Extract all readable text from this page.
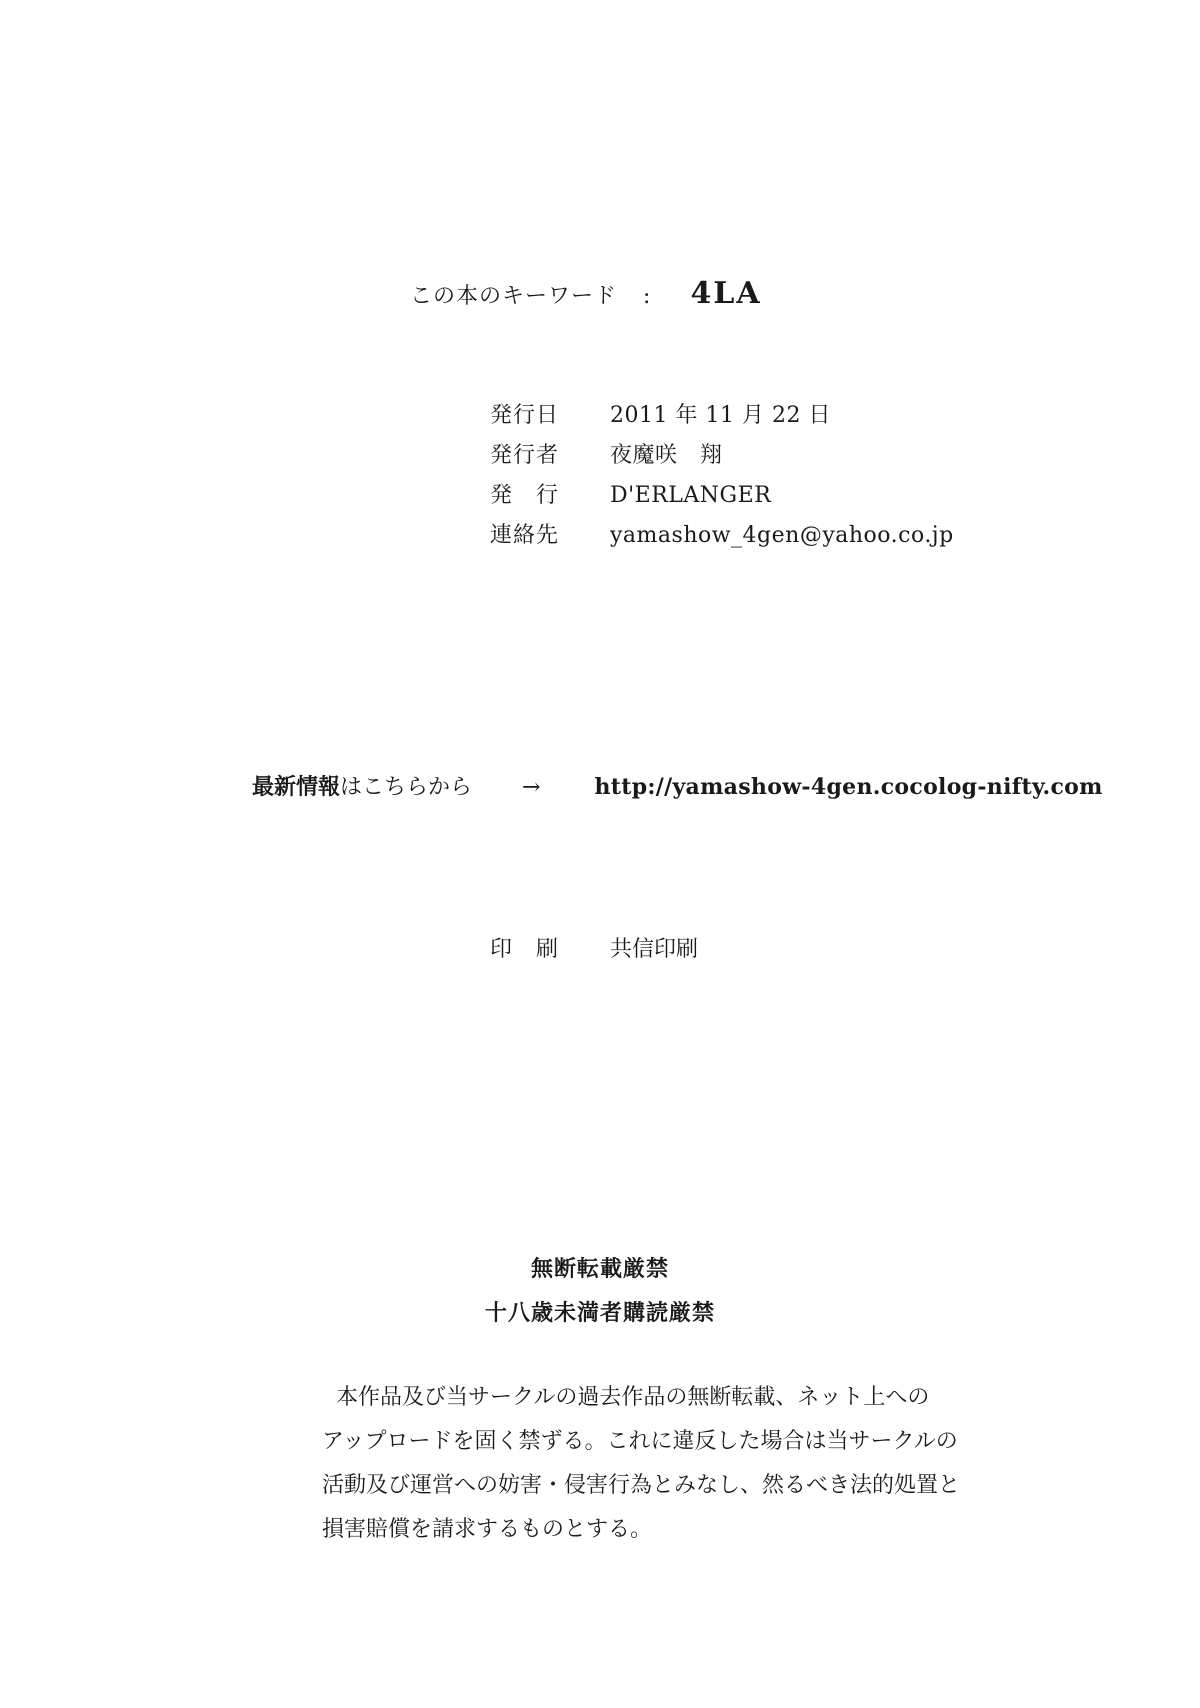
この本のキーワード : 4LA
発行日	2011 年 11 月 22 日
発行者	夜魔咲　翔
発　行	D'ERLANGER
連絡先	yamashow_4gen@yahoo.co.jp
最新情報 はこちらから → http://yamashow-4gen.cocolog-nifty.com
印　刷	共信印刷
無断転載厳禁
十八歳未満者購読厳禁
本作品及び当サークルの過去作品の無断転載、ネット上への
アップロードを固く禁ずる。これに違反した場合は当サークルの
活動及び運営への妨害・侵害行為とみなし、然るべき法的処置と
損害賠償を請求するものとする。
